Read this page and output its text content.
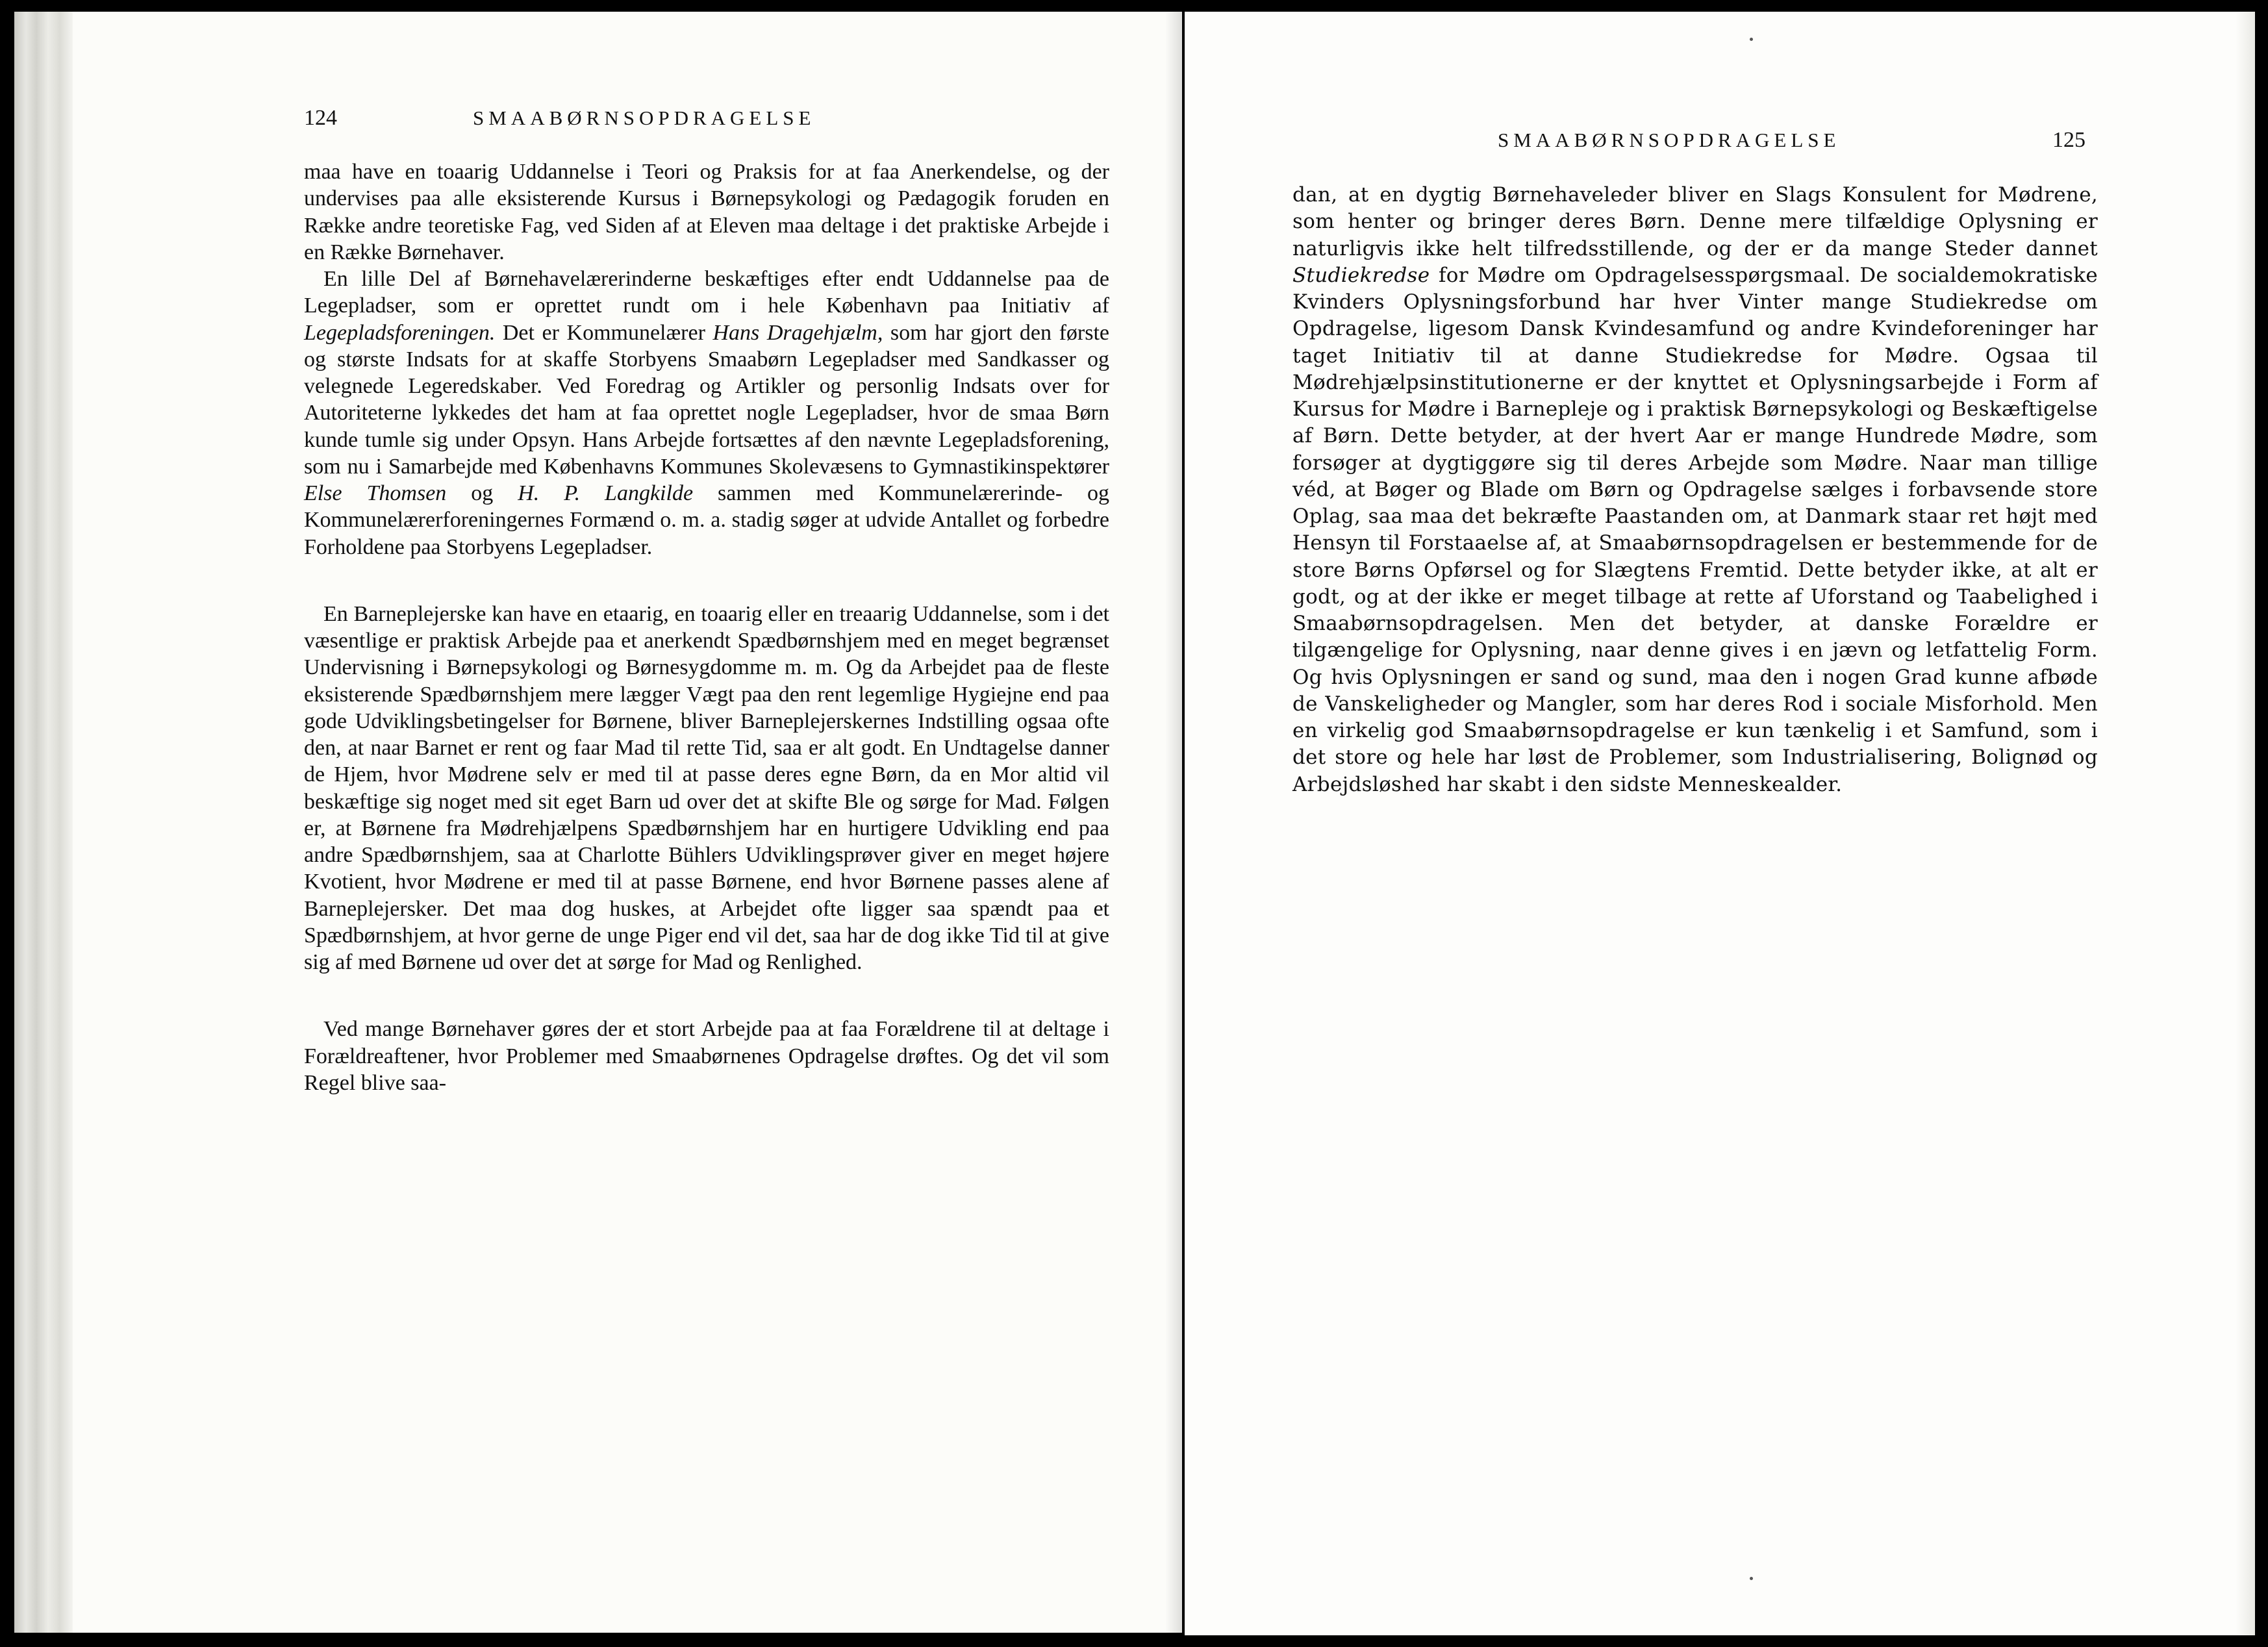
124	SMAABØRNSOPDRAGELSE

maa have en toaarig Uddannelse i Teori og Praksis for at faa Anerkendelse, og der undervises paa alle eksisterende Kursus i Børnepsykologi og Pædagogik foruden en Række andre teoretiske Fag, ved Siden af at Eleven maa deltage i det praktiske Arbejde i en Række Børnehaver.

En lille Del af Børnehavelærerinderne beskæftiges efter endt Uddannelse paa de Legepladser, som er oprettet rundt om i hele København paa Initiativ af Legepladsforeningen. Det er Kommunelærer Hans Dragehjælm, som har gjort den første og største Indsats for at skaffe Storbyens Smaabørn Legepladser med Sandkasser og velegnede Legeredskaber. Ved Foredrag og Artikler og personlig Indsats over for Autoriteterne lykkedes det ham at faa oprettet nogle Legepladser, hvor de smaa Børn kunde tumle sig under Opsyn. Hans Arbejde fortsættes af den nævnte Legepladsforening, som nu i Samarbejde med Københavns Kommunes Skolevæsens to Gymnastikinspektører Else Thomsen og H. P. Langkilde sammen med Kommunelærerinde- og Kommunelærerforeningernes Formænd o. m. a. stadig søger at udvide Antallet og forbedre Forholdene paa Storbyens Legepladser.

En Barneplejerske kan have en etaarig, en toaarig eller en treaarig Uddannelse, som i det væsentlige er praktisk Arbejde paa et anerkendt Spædbørnshjem med en meget begrænset Undervisning i Børnepsykologi og Børnesygdomme m. m. Og da Arbejdet paa de fleste eksisterende Spædbørnshjem mere lægger Vægt paa den rent legemlige Hygiejne end paa gode Udviklingsbetingelser for Børnene, bliver Barneplejerskernes Indstilling ogsaa ofte den, at naar Barnet er rent og faar Mad til rette Tid, saa er alt godt. En Undtagelse danner de Hjem, hvor Mødrene selv er med til at passe deres egne Børn, da en Mor altid vil beskæftige sig noget med sit eget Barn ud over det at skifte Ble og sørge for Mad. Følgen er, at Børnene fra Mødrehjælpens Spædbørnshjem har en hurtigere Udvikling end paa andre Spædbørnshjem, saa at Charlotte Bühlers Udviklingsprøver giver en meget højere Kvotient, hvor Mødrene er med til at passe Børnene, end hvor Børnene passes alene af Barneplejersker. Det maa dog huskes, at Arbejdet ofte ligger saa spændt paa et Spædbørnshjem, at hvor gerne de unge Piger end vil det, saa har de dog ikke Tid til at give sig af med Børnene ud over det at sørge for Mad og Renlighed.

Ved mange Børnehaver gøres der et stort Arbejde paa at faa Forældrene til at deltage i Forældreaftener, hvor Problemer med Smaabørnenes Opdragelse drøftes. Og det vil som Regel blive saa-

SMAABØRNSOPDRAGELSE	125

dan, at en dygtig Børnehaveleder bliver en Slags Konsulent for Mødrene, som henter og bringer deres Børn. Denne mere tilfældige Oplysning er naturligvis ikke helt tilfredsstillende, og der er da mange Steder dannet Studiekredse for Mødre om Opdragelsesspørgsmaal. De socialdemokratiske Kvinders Oplysningsforbund har hver Vinter mange Studiekredse om Opdragelse, ligesom Dansk Kvindesamfund og andre Kvindeforeninger har taget Initiativ til at danne Studiekredse for Mødre. Ogsaa til Mødrehjælpsinstitutionerne er der knyttet et Oplysningsarbejde i Form af Kursus for Mødre i Barnepleje og i praktisk Børnepsykologi og Beskæftigelse af Børn. Dette betyder, at der hvert Aar er mange Hundrede Mødre, som forsøger at dygtiggøre sig til deres Arbejde som Mødre. Naar man tillige véd, at Bøger og Blade om Børn og Opdragelse sælges i forbavsende store Oplag, saa maa det bekræfte Paastanden om, at Danmark staar ret højt med Hensyn til Forstaaelse af, at Smaabørnsopdragelsen er bestemmende for de store Børns Opførsel og for Slægtens Fremtid. Dette betyder ikke, at alt er godt, og at der ikke er meget tilbage at rette af Uforstand og Taabelighed i Smaabørnsopdragelsen. Men det betyder, at danske Forældre er tilgængelige for Oplysning, naar denne gives i en jævn og letfattelig Form. Og hvis Oplysningen er sand og sund, maa den i nogen Grad kunne afbøde de Vanskeligheder og Mangler, som har deres Rod i sociale Misforhold. Men en virkelig god Smaabørnsopdragelse er kun tænkelig i et Samfund, som i det store og hele har løst de Problemer, som Industrialisering, Bolignød og Arbejdsløshed har skabt i den sidste Menneskealder.
